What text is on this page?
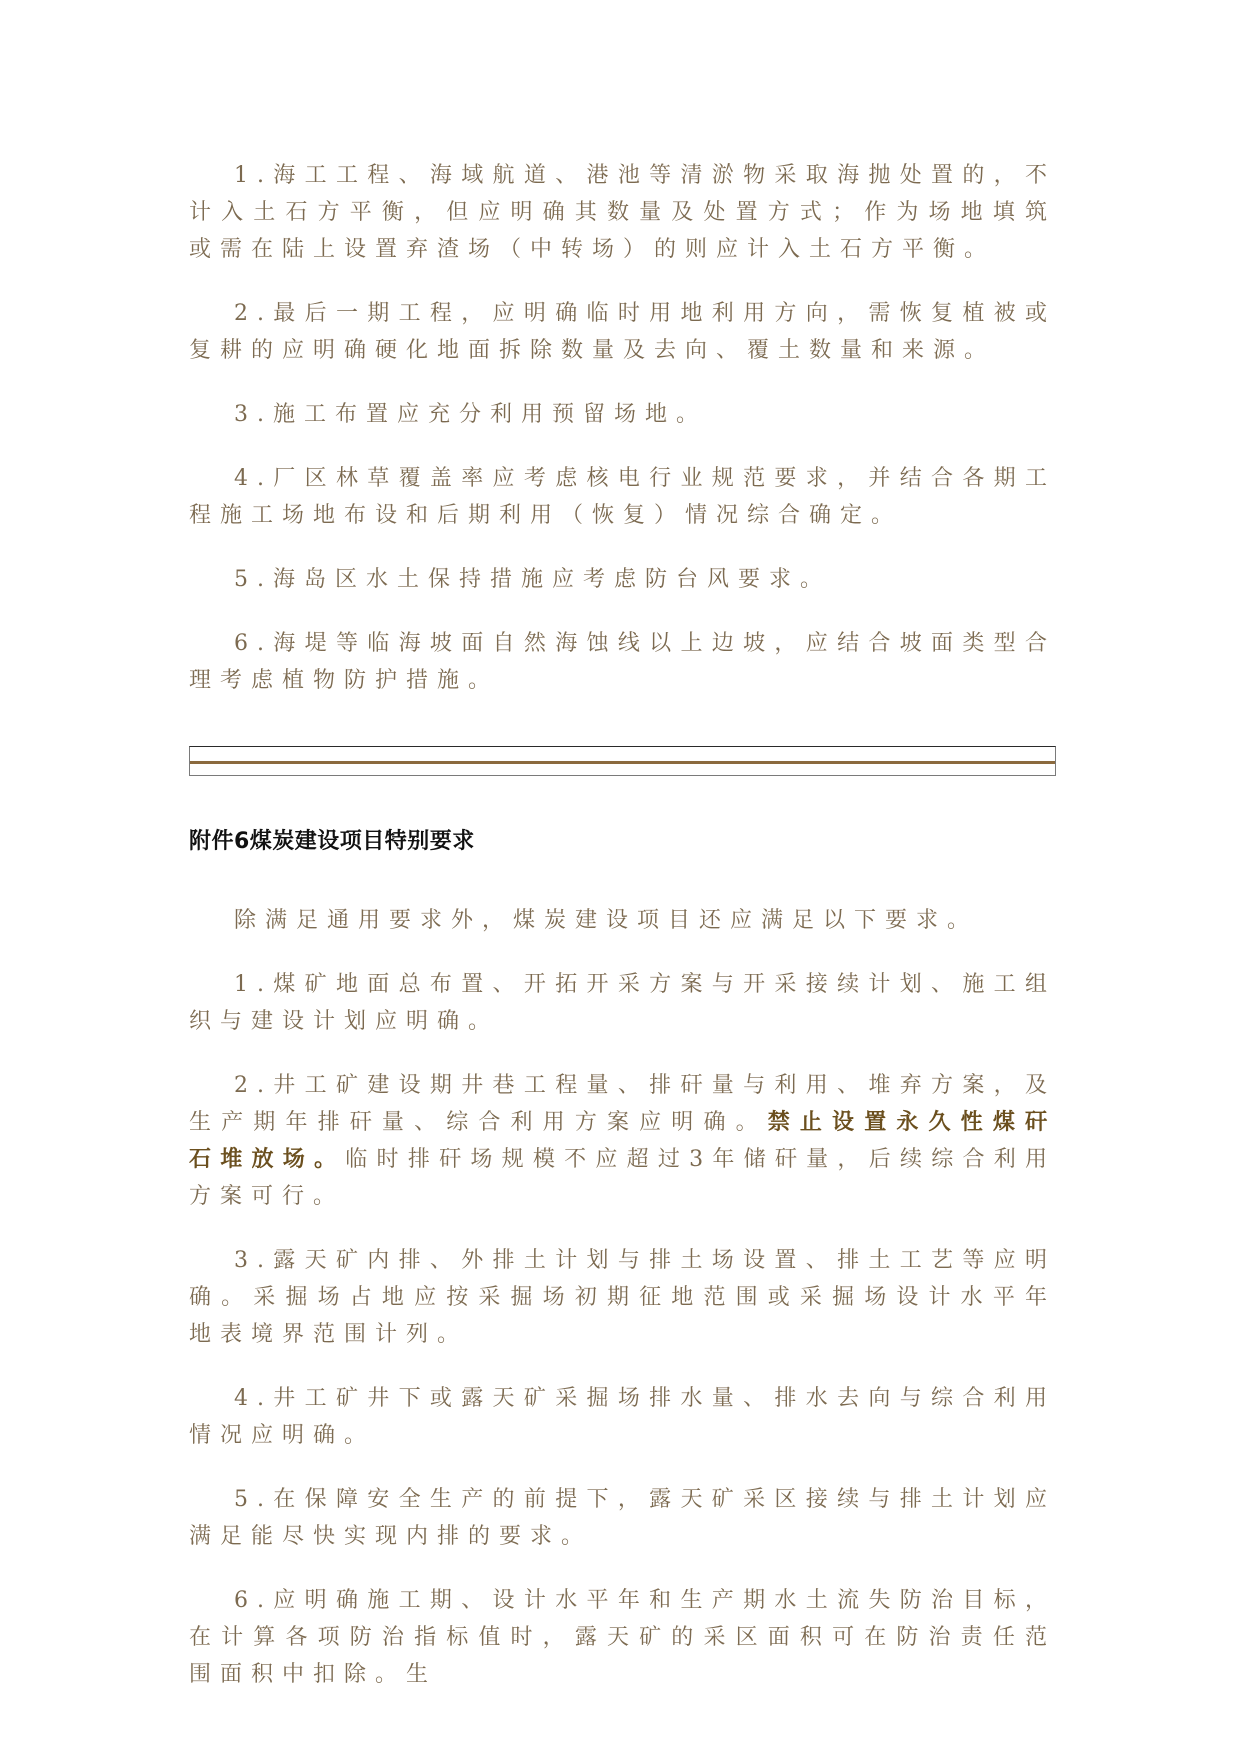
1.海工工程、海域航道、港池等清淤物采取海抛处置的，不计入土石方平衡，但应明确其数量及处置方式；作为场地填筑或需在陆上设置弃渣场（中转场）的则应计入土石方平衡。

2.最后一期工程，应明确临时用地利用方向，需恢复植被或复耕的应明确硬化地面拆除数量及去向、覆土数量和来源。

3.施工布置应充分利用预留场地。

4.厂区林草覆盖率应考虑核电行业规范要求，并结合各期工程施工场地布设和后期利用（恢复）情况综合确定。

5.海岛区水土保持措施应考虑防台风要求。

6.海堤等临海坡面自然海蚀线以上边坡，应结合坡面类型合理考虑植物防护措施。

附件6煤炭建设项目特别要求

除满足通用要求外，煤炭建设项目还应满足以下要求。

1.煤矿地面总布置、开拓开采方案与开采接续计划、施工组织与建设计划应明确。

2.井工矿建设期井巷工程量、排矸量与利用、堆弃方案，及生产期年排矸量、综合利用方案应明确。禁止设置永久性煤矸石堆放场。临时排矸场规模不应超过3年储矸量，后续综合利用方案可行。

3.露天矿内排、外排土计划与排土场设置、排土工艺等应明确。采掘场占地应按采掘场初期征地范围或采掘场设计水平年地表境界范围计列。

4.井工矿井下或露天矿采掘场排水量、排水去向与综合利用情况应明确。

5.在保障安全生产的前提下，露天矿采区接续与排土计划应满足能尽快实现内排的要求。

6.应明确施工期、设计水平年和生产期水土流失防治目标，在计算各项防治指标值时，露天矿的采区面积可在防治责任范围面积中扣除。生
